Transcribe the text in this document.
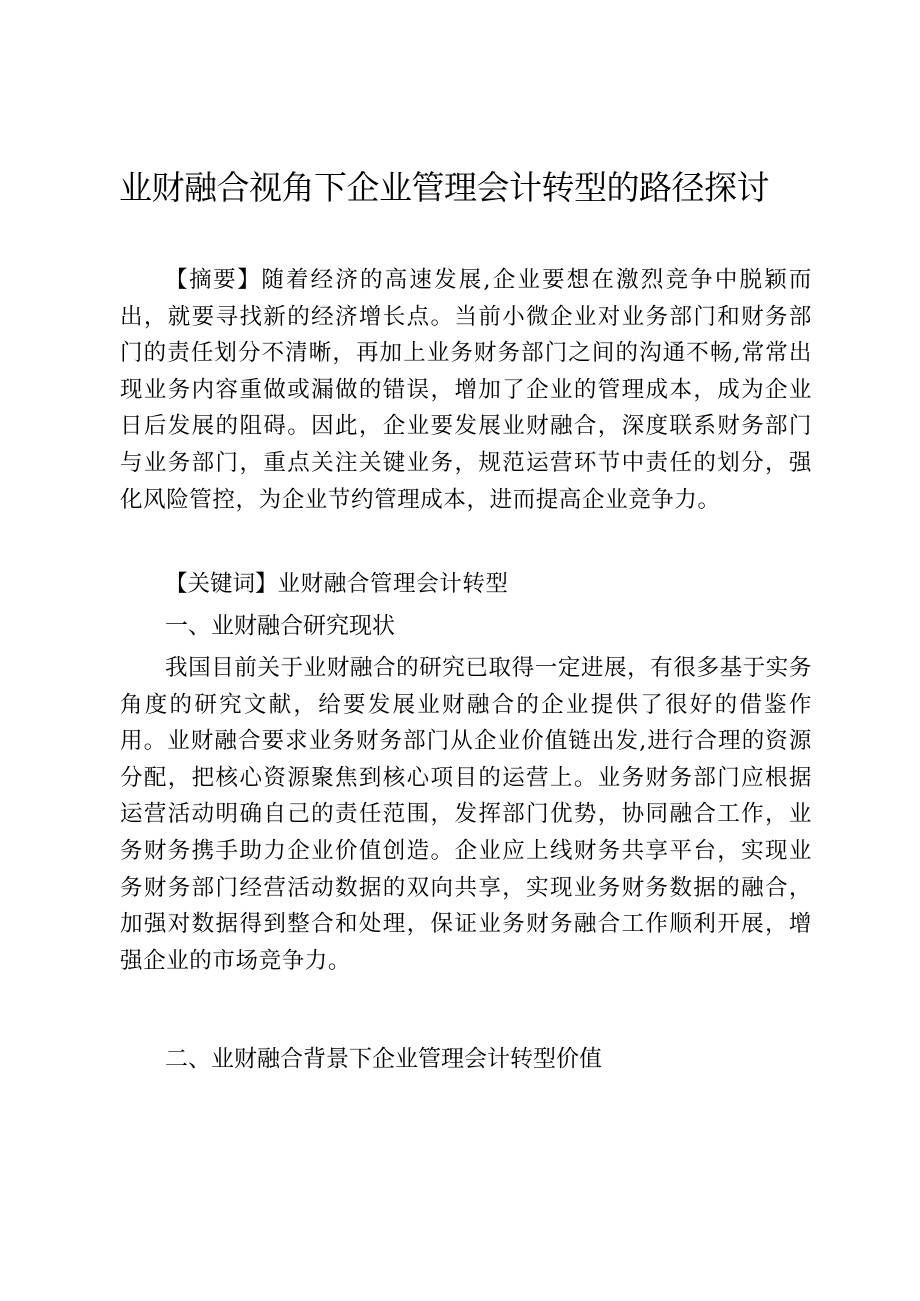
业财融合视角下企业管理会计转型的路径探讨

【摘要】随着经济的高速发展,企业要想在激烈竞争中脱颖而出，就要寻找新的经济增长点。当前小微企业对业务部门和财务部门的责任划分不清晰，再加上业务财务部门之间的沟通不畅,常常出现业务内容重做或漏做的错误，增加了企业的管理成本，成为企业日后发展的阻碍。因此，企业要发展业财融合，深度联系财务部门与业务部门，重点关注关键业务，规范运营环节中责任的划分，强化风险管控，为企业节约管理成本，进而提高企业竞争力。

【关键词】业财融合管理会计转型

一、业财融合研究现状

我国目前关于业财融合的研究已取得一定进展，有很多基于实务角度的研究文献，给要发展业财融合的企业提供了很好的借鉴作用。业财融合要求业务财务部门从企业价值链出发,进行合理的资源分配，把核心资源聚焦到核心项目的运营上。业务财务部门应根据运营活动明确自己的责任范围，发挥部门优势，协同融合工作，业务财务携手助力企业价值创造。企业应上线财务共享平台，实现业务财务部门经营活动数据的双向共享，实现业务财务数据的融合，加强对数据得到整合和处理，保证业务财务融合工作顺利开展，增强企业的市场竞争力。

二、业财融合背景下企业管理会计转型价值
